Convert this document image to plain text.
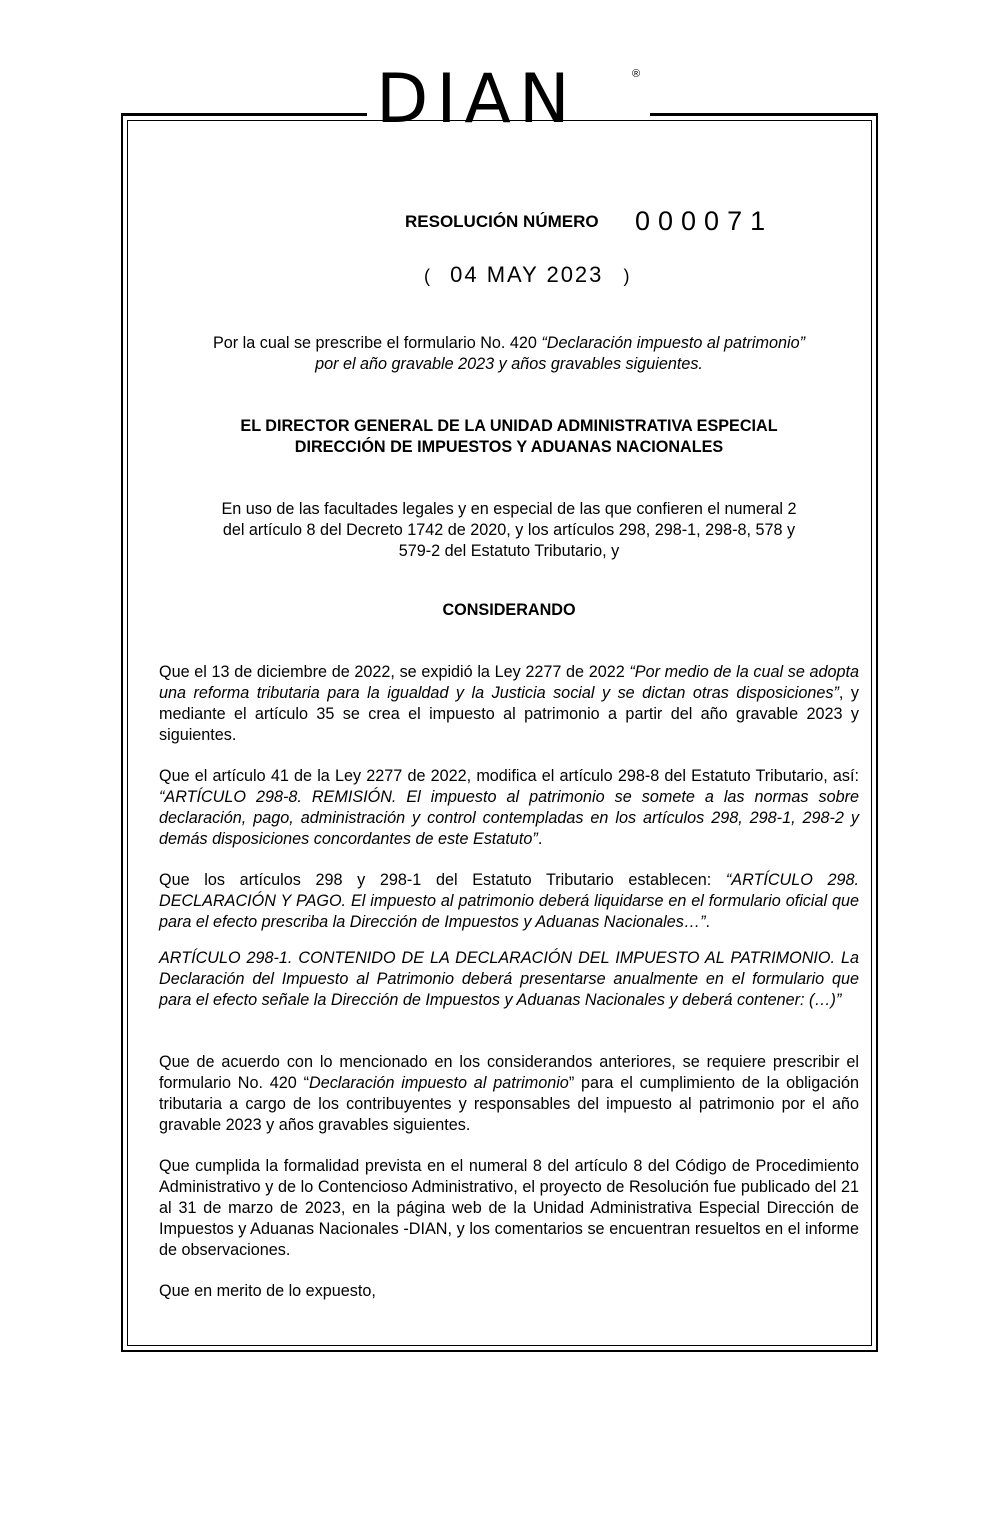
DIAN	®
RESOLUCIÓN NÚMERO 000071
( 04 MAY 2023 )

Por la cual se prescribe el formulario No. 420 “Declaración impuesto al patrimonio”

por el año gravable 2023 y años gravables siguientes.

EL DIRECTOR GENERAL DE LA UNIDAD ADMINISTRATIVA ESPECIAL

DIRECCIÓN DE IMPUESTOS Y ADUANAS NACIONALES

En uso de las facultades legales y en especial de las que confieren el numeral 2

del artículo 8 del Decreto 1742 de 2020, y los artículos 298, 298-1, 298-8, 578 y

579-2 del Estatuto Tributario, y

CONSIDERANDO
Que el 13 de diciembre de 2022, se expidió la Ley 2277 de 2022 “Por medio de la cual se adopta una reforma tributaria para la igualdad y la Justicia social y se dictan otras disposiciones”, y mediante el artículo 35 se crea el impuesto al patrimonio a partir del año gravable 2023 y siguientes.
Que el artículo 41 de la Ley 2277 de 2022, modifica el artículo 298-8 del Estatuto Tributario, así: “ARTÍCULO 298-8. REMISIÓN. El impuesto al patrimonio se somete a las normas sobre declaración, pago, administración y control contempladas en los artículos 298, 298-1, 298-2 y demás disposiciones concordantes de este Estatuto”.
Que los artículos 298 y 298-1 del Estatuto Tributario establecen: “ARTÍCULO 298. DECLARACIÓN Y PAGO. El impuesto al patrimonio deberá liquidarse en el formulario oficial que para el efecto prescriba la Dirección de Impuestos y Aduanas Nacionales…”.
ARTÍCULO 298-1. CONTENIDO DE LA DECLARACIÓN DEL IMPUESTO AL PATRIMONIO. La Declaración del Impuesto al Patrimonio deberá presentarse anualmente en el formulario que para el efecto señale la Dirección de Impuestos y Aduanas Nacionales y deberá contener: (…)”
Que de acuerdo con lo mencionado en los considerandos anteriores, se requiere prescribir el formulario No. 420 “Declaración impuesto al patrimonio” para el cumplimiento de la obligación tributaria a cargo de los contribuyentes y responsables del impuesto al patrimonio por el año gravable 2023 y años gravables siguientes.
Que cumplida la formalidad prevista en el numeral 8 del artículo 8 del Código de Procedimiento Administrativo y de lo Contencioso Administrativo, el proyecto de Resolución fue publicado del 21 al 31 de marzo de 2023, en la página web de la Unidad Administrativa Especial Dirección de Impuestos y Aduanas Nacionales -DIAN, y los comentarios se encuentran resueltos en el informe de observaciones.
Que en merito de lo expuesto,
